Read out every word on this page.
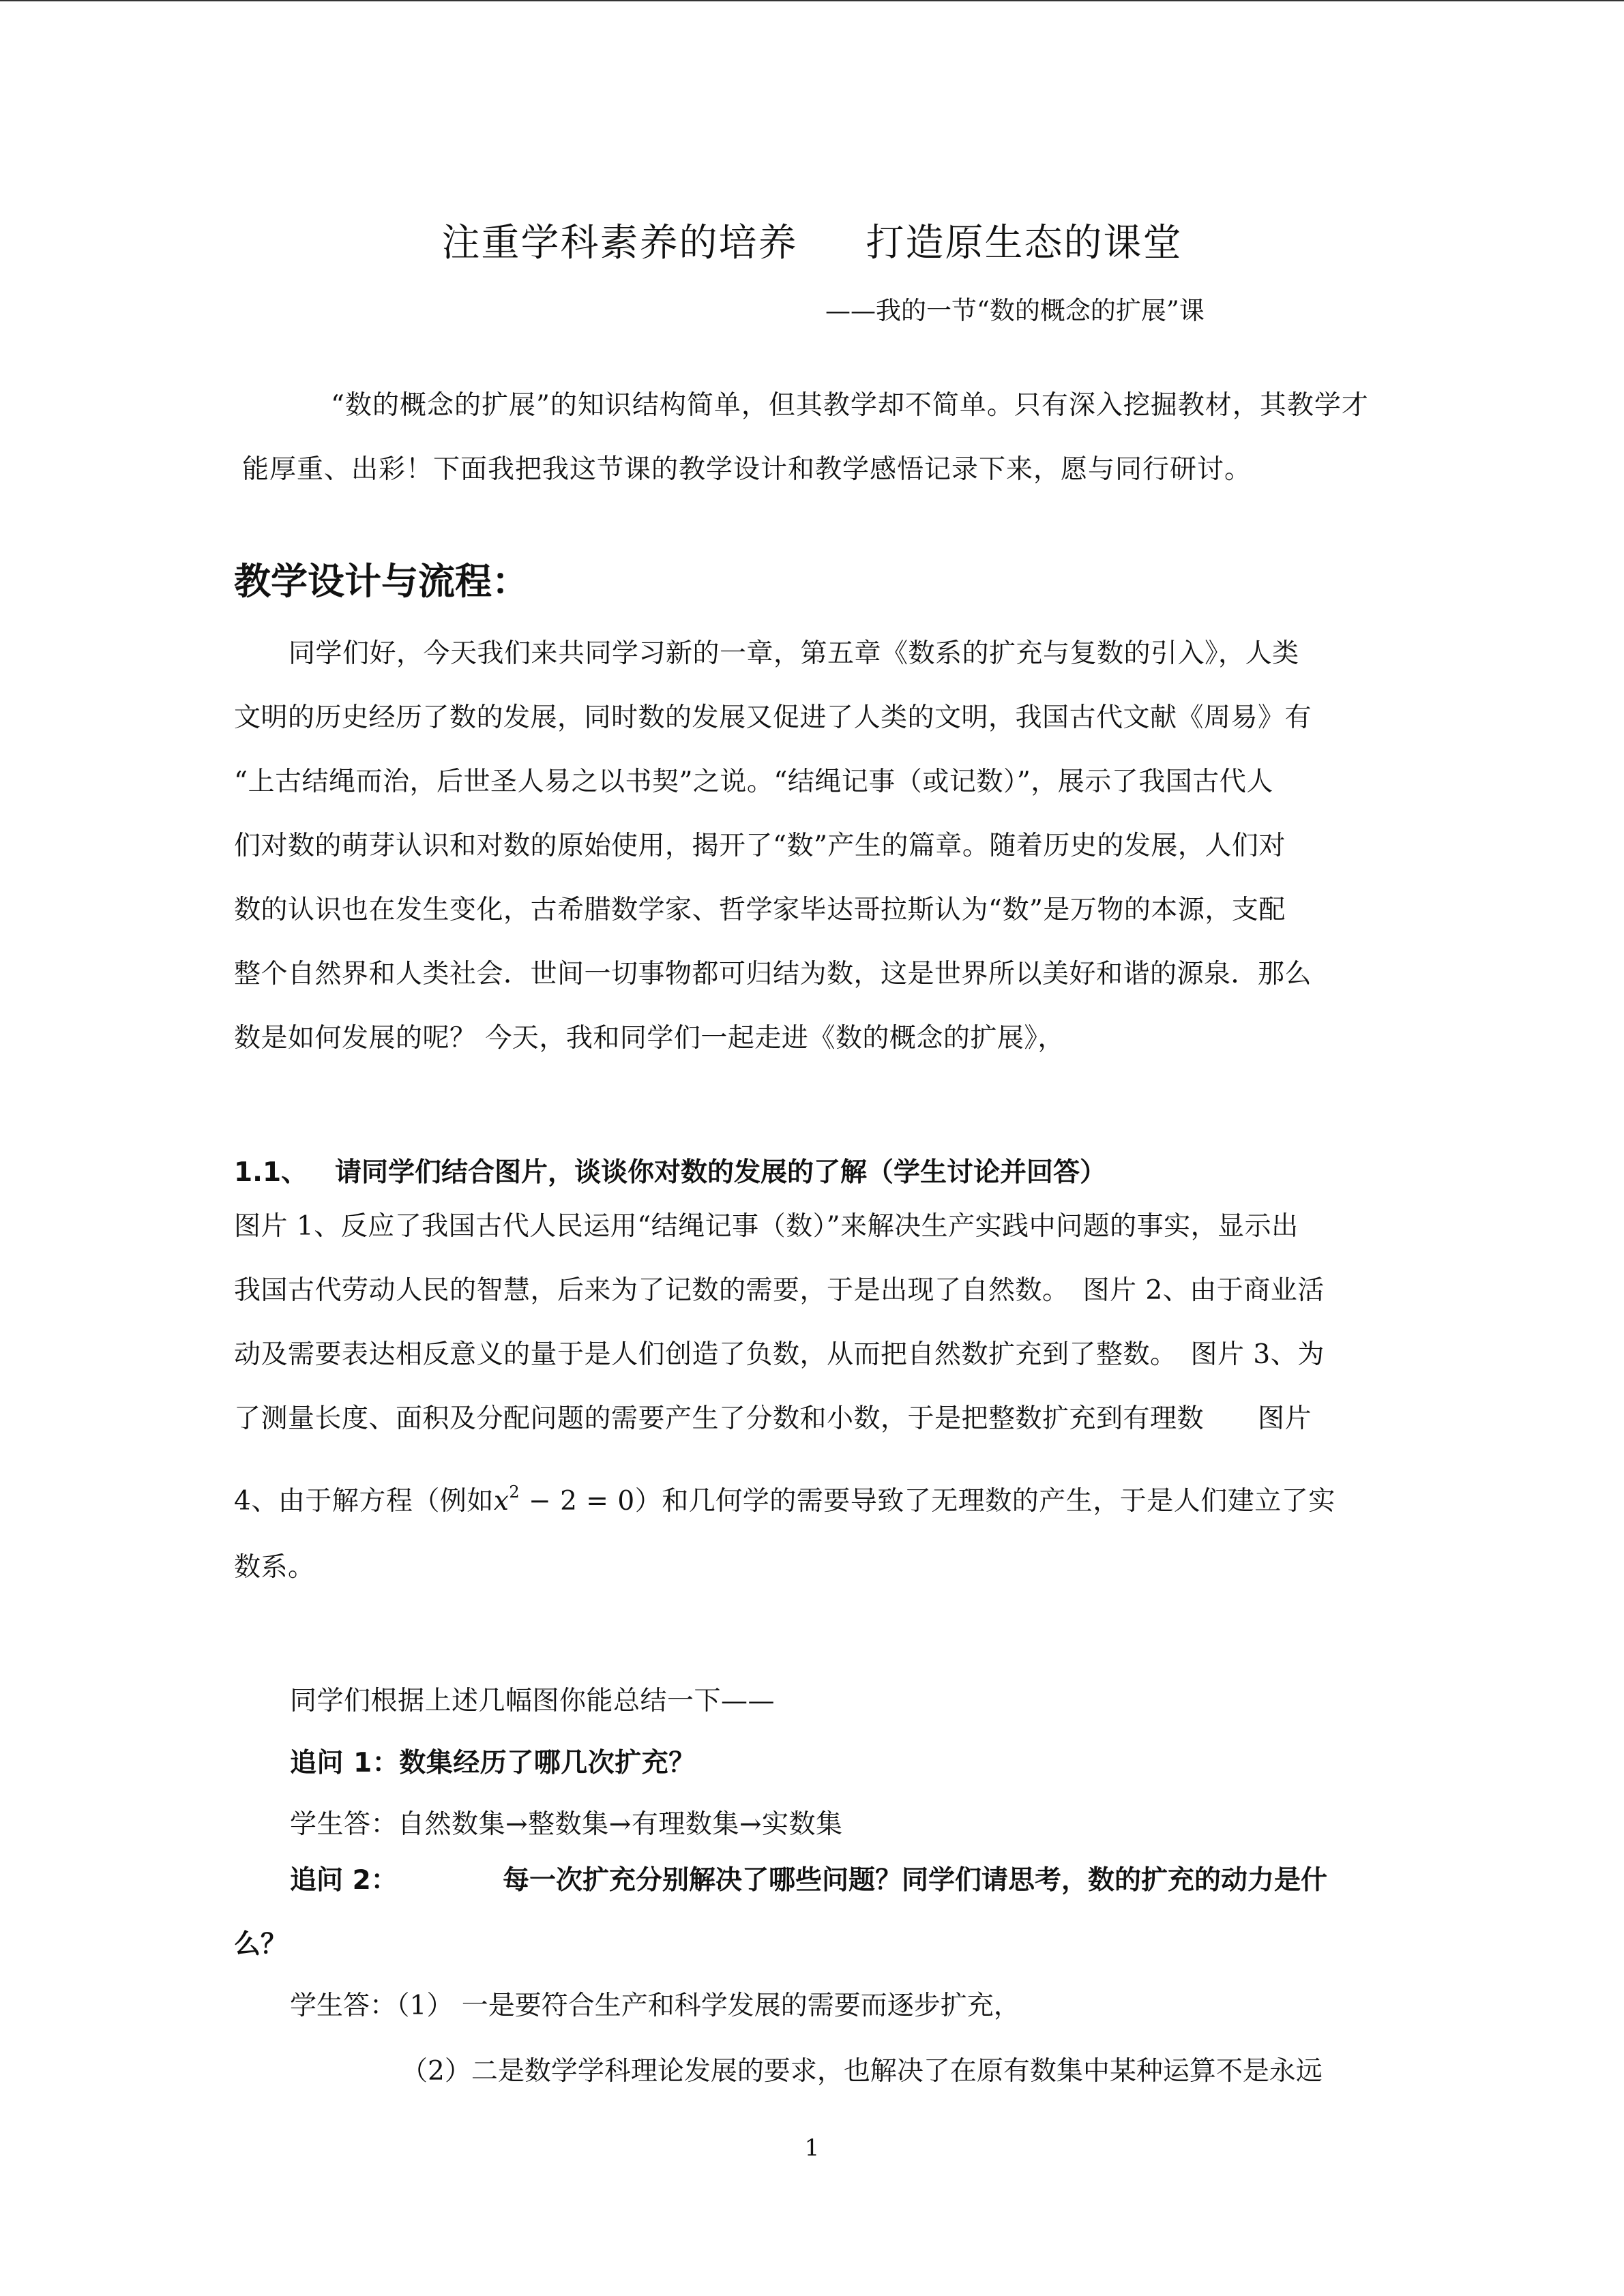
注重学科素养的培养 打造原生态的课堂
——我的一节“数的概念的扩展”课
“数的概念的扩展”的知识结构简单，但其教学却不简单。只有深入挖掘教材，其教学才能厚重、出彩！下面我把我这节课的教学设计和教学感悟记录下来，愿与同行研讨。
教学设计与流程：
同学们好，今天我们来共同学习新的一章，第五章《数系的扩充与复数的引入》，人类
文明的历史经历了数的发展，同时数的发展又促进了人类的文明，我国古代文献《周易》有
“上古结绳而治，后世圣人易之以书契”之说。“结绳记事（或记数）”，展示了我国古代人
们对数的萌芽认识和对数的原始使用，揭开了“数”产生的篇章。随着历史的发展，人们对
数的认识也在发生变化，古希腊数学家、哲学家毕达哥拉斯认为“数”是万物的本源，支配
整个自然界和人类社会．世间一切事物都可归结为数，这是世界所以美好和谐的源泉．那么
数是如何发展的呢？ 今天，我和同学们一起走进《数的概念的扩展》，
1.1、 请同学们结合图片，谈谈你对数的发展的了解（学生讨论并回答）
图片 1、反应了我国古代人民运用“结绳记事（数）”来解决生产实践中问题的事实，显示出
我国古代劳动人民的智慧，后来为了记数的需要，于是出现了自然数。　图片 2、由于商业活
动及需要表达相反意义的量于是人们创造了负数，从而把自然数扩充到了整数。　图片 3、为
了测量长度、面积及分配问题的需要产生了分数和小数，于是把整数扩充到有理数　　图片
4、由于解方程（例如$x^2 - 2 = 0$）和几何学的需要导致了无理数的产生，于是人们建立了实
数系。
同学们根据上述几幅图你能总结一下——
追问 1：数集经历了哪几次扩充？
学生答：自然数集→整数集→有理数集→实数集
追问 2：	每一次扩充分别解决了哪些问题？同学们请思考，数的扩充的动力是什
么？
学生答：（1） 一是要符合生产和科学发展的需要而逐步扩充，
（2）二是数学学科理论发展的要求，也解决了在原有数集中某种运算不是永远
1
